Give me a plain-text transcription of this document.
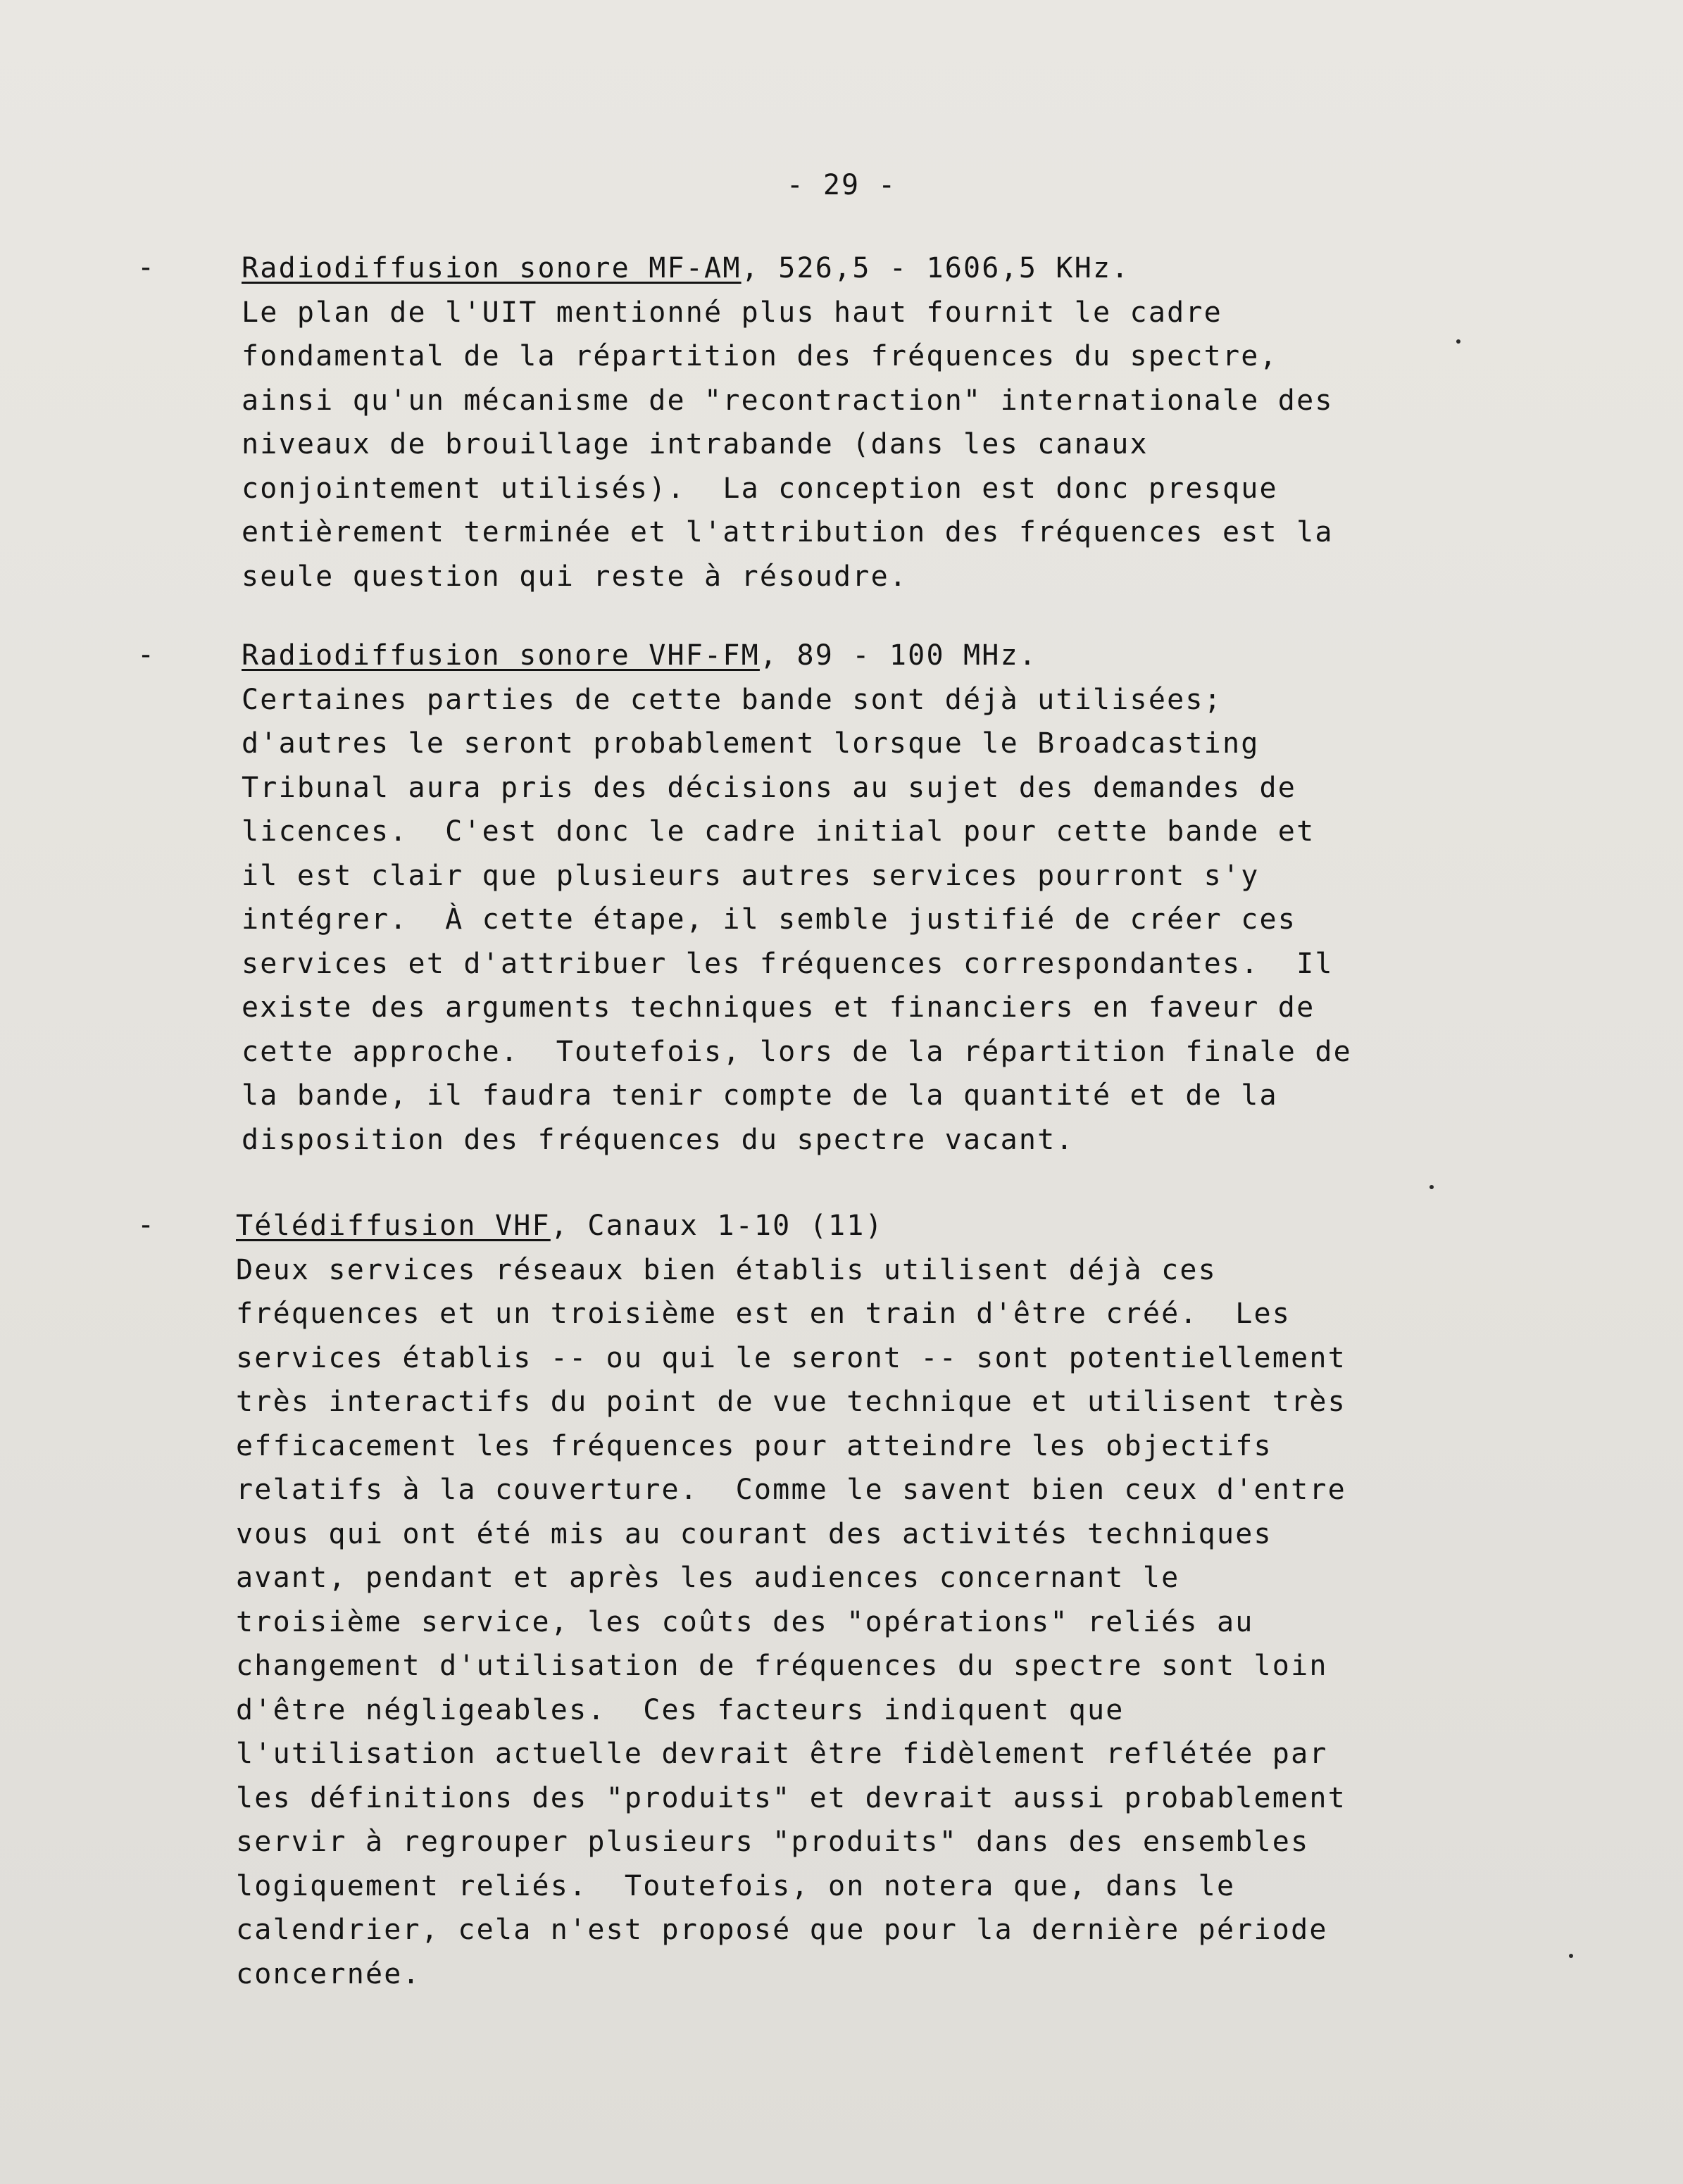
- 29 -
-	Radiodiffusion sonore MF-AM, 526,5 - 1606,5 KHz.
Le plan de l'UIT mentionné plus haut fournit le cadre
fondamental de la répartition des fréquences du spectre,
ainsi qu'un mécanisme de "recontraction" internationale des
niveaux de brouillage intrabande (dans les canaux
conjointement utilisés).  La conception est donc presque
entièrement terminée et l'attribution des fréquences est la
seule question qui reste à résoudre.
-	Radiodiffusion sonore VHF-FM, 89 - 100 MHz.
Certaines parties de cette bande sont déjà utilisées;
d'autres le seront probablement lorsque le Broadcasting
Tribunal aura pris des décisions au sujet des demandes de
licences.  C'est donc le cadre initial pour cette bande et
il est clair que plusieurs autres services pourront s'y
intégrer.  À cette étape, il semble justifié de créer ces
services et d'attribuer les fréquences correspondantes.  Il
existe des arguments techniques et financiers en faveur de
cette approche.  Toutefois, lors de la répartition finale de
la bande, il faudra tenir compte de la quantité et de la
disposition des fréquences du spectre vacant.
-	Télédiffusion VHF, Canaux 1-10 (11)
Deux services réseaux bien établis utilisent déjà ces
fréquences et un troisième est en train d'être créé.  Les
services établis -- ou qui le seront -- sont potentiellement
très interactifs du point de vue technique et utilisent très
efficacement les fréquences pour atteindre les objectifs
relatifs à la couverture.  Comme le savent bien ceux d'entre
vous qui ont été mis au courant des activités techniques
avant, pendant et après les audiences concernant le
troisième service, les coûts des "opérations" reliés au
changement d'utilisation de fréquences du spectre sont loin
d'être négligeables.  Ces facteurs indiquent que
l'utilisation actuelle devrait être fidèlement reflétée par
les définitions des "produits" et devrait aussi probablement
servir à regrouper plusieurs "produits" dans des ensembles
logiquement reliés.  Toutefois, on notera que, dans le
calendrier, cela n'est proposé que pour la dernière période
concernée.
